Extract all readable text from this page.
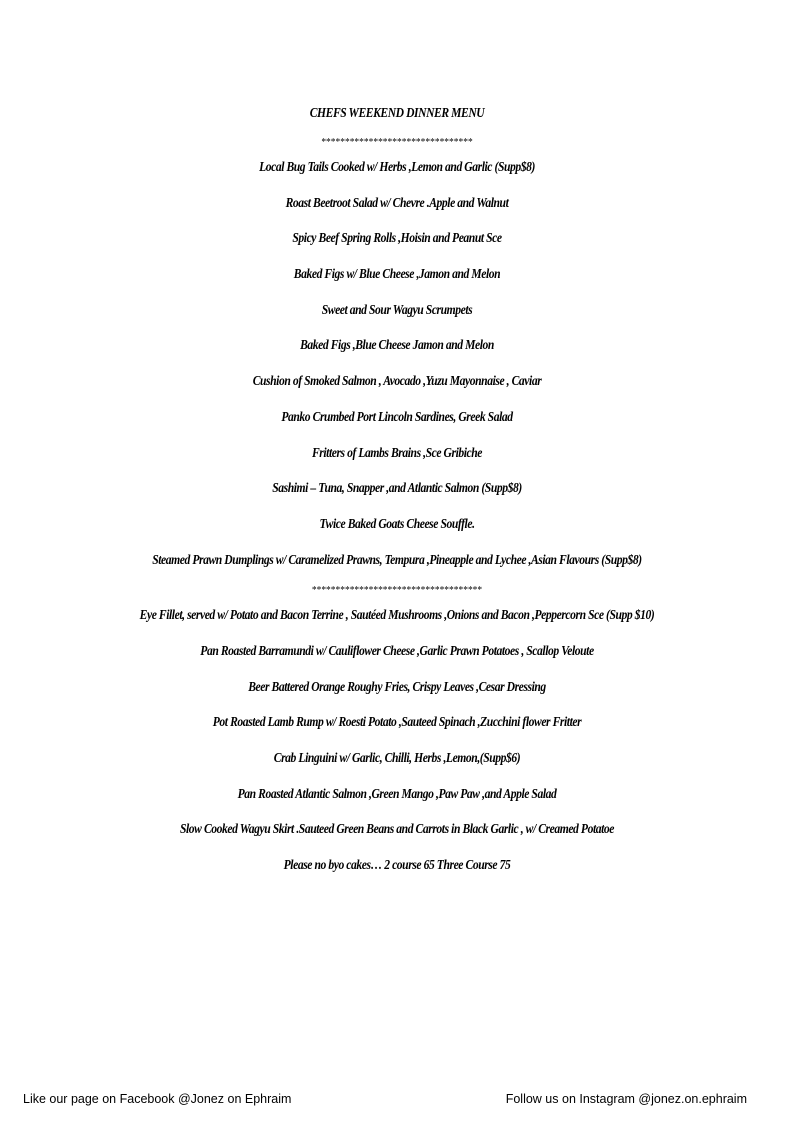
CHEFS WEEKEND DINNER MENU
********************************
Local Bug Tails Cooked w/ Herbs ,Lemon and Garlic (Supp$8)
Roast Beetroot Salad w/ Chevre .Apple and Walnut
Spicy Beef Spring Rolls ,Hoisin and Peanut Sce
Baked Figs w/ Blue Cheese ,Jamon and Melon
Sweet and Sour Wagyu Scrumpets
Baked Figs ,Blue Cheese Jamon and Melon
Cushion of Smoked Salmon , Avocado ,Yuzu Mayonnaise , Caviar
Panko Crumbed Port Lincoln Sardines, Greek Salad
Fritters of Lambs Brains ,Sce Gribiche
Sashimi – Tuna, Snapper ,and Atlantic Salmon (Supp$8)
Twice Baked Goats Cheese Souffle.
Steamed Prawn Dumplings w/ Caramelized Prawns, Tempura ,Pineapple and Lychee ,Asian Flavours (Supp$8)
************************************
Eye Fillet, served w/ Potato and Bacon Terrine , Sautéed Mushrooms ,Onions and Bacon ,Peppercorn Sce (Supp $10)
Pan Roasted Barramundi w/ Cauliflower Cheese ,Garlic Prawn Potatoes , Scallop Veloute
Beer Battered Orange Roughy Fries, Crispy Leaves ,Cesar Dressing
Pot Roasted Lamb Rump w/ Roesti Potato ,Sauteed Spinach ,Zucchini flower Fritter
Crab Linguini w/ Garlic, Chilli, Herbs ,Lemon,(Supp$6)
Pan Roasted Atlantic Salmon ,Green Mango ,Paw Paw ,and Apple Salad
Slow Cooked Wagyu Skirt .Sauteed Green Beans and Carrots in Black Garlic , w/ Creamed Potatoe
Please no byo cakes… 2 course 65 Three Course 75
Like our page on Facebook @Jonez on Ephraim	Follow us on Instagram @jonez.on.ephraim
